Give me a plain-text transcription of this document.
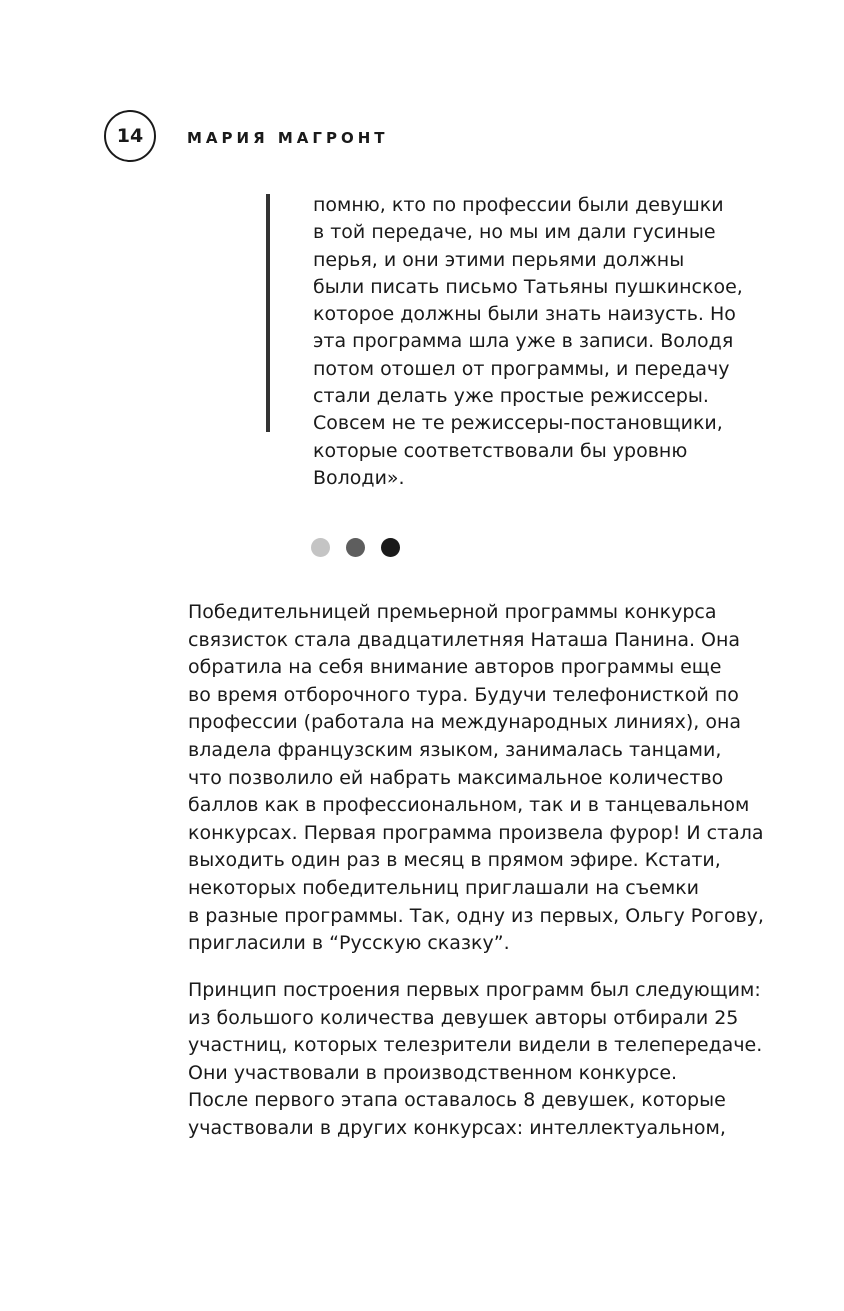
14	МАРИЯ МАГРОНТ
помню, кто по профессии были девушки
в той передаче, но мы им дали гусиные
перья, и они этими перьями должны
были писать письмо Татьяны пушкинское,
которое должны были знать наизусть. Но
эта программа шла уже в записи. Володя
потом отошел от программы, и передачу
стали делать уже простые режиссеры.
Совсем не те режиссеры-постановщики,
которые соответствовали бы уровню
Володи».
Победительницей премьерной программы конкурса
связисток стала двадцатилетняя Наташа Панина. Она
обратила на себя внимание авторов программы еще
во время отборочного тура. Будучи телефонисткой по
профессии (работала на международных линиях), она
владела французским языком, занималась танцами,
что позволило ей набрать максимальное количество
баллов как в профессиональном, так и в танцевальном
конкурсах. Первая программа произвела фурор! И стала
выходить один раз в месяц в прямом эфире. Кстати,
некоторых победительниц приглашали на съемки
в разные программы. Так, одну из первых, Ольгу Рогову,
пригласили в “Русскую сказку”.
Принцип построения первых программ был следующим:
из большого количества девушек авторы отбирали 25
участниц, которых телезрители видели в телепередаче.
Они участвовали в производственном конкурсе.
После первого этапа оставалось 8 девушек, которые
участвовали в других конкурсах: интеллектуальном,
